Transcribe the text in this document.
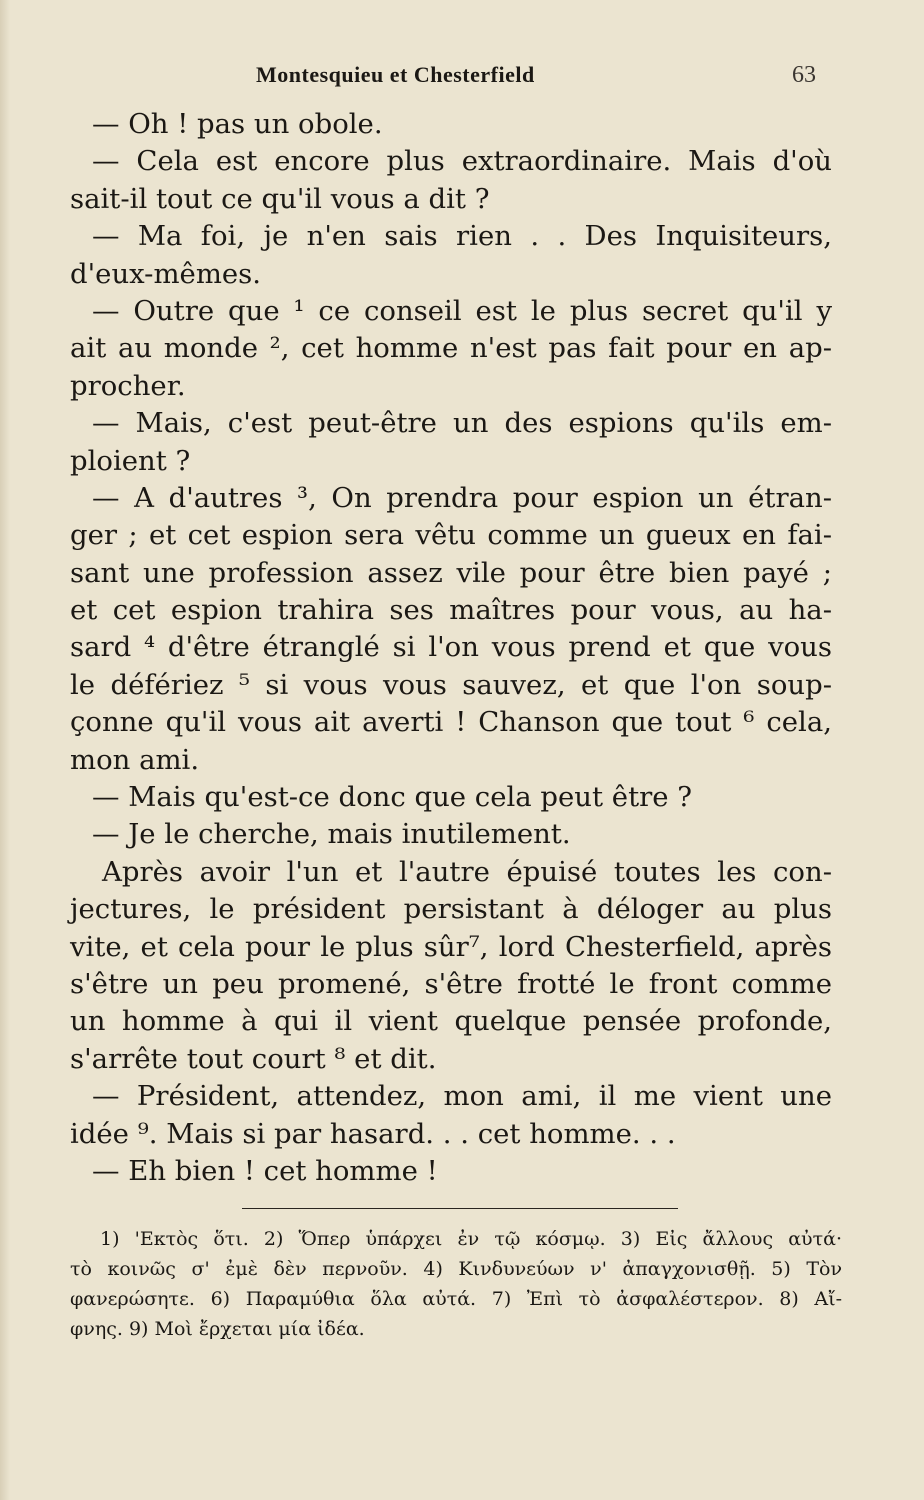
Montesquieu et Chesterfield	63
— Oh ! pas un obole.
— Cela est encore plus extraordinaire. Mais d'où
sait-il tout ce qu'il vous a dit ?
— Ma foi, je n'en sais rien . . Des Inquisiteurs,
d'eux-mêmes.
— Outre que ¹ ce conseil est le plus secret qu'il y
ait au monde ², cet homme n'est pas fait pour en ap-
procher.
— Mais, c'est peut-être un des espions qu'ils em-
ploient ?
— A d'autres ³, On prendra pour espion un étran-
ger ; et cet espion sera vêtu comme un gueux en fai-
sant une profession assez vile pour être bien payé ;
et cet espion trahira ses maîtres pour vous, au ha-
sard ⁴ d'être étranglé si l'on vous prend et que vous
le défériez ⁵ si vous vous sauvez, et que l'on soup-
çonne qu'il vous ait averti ! Chanson que tout ⁶ cela,
mon ami.
— Mais qu'est-ce donc que cela peut être ?
— Je le cherche, mais inutilement.
Après avoir l'un et l'autre épuisé toutes les con-
jectures, le président persistant à déloger au plus
vite, et cela pour le plus sûr⁷, lord Chesterfield, après
s'être un peu promené, s'être frotté le front comme
un homme à qui il vient quelque pensée profonde,
s'arrête tout court ⁸ et dit.
— Président, attendez, mon ami, il me vient une
idée ⁹. Mais si par hasard. . . cet homme. . .
— Eh bien ! cet homme !
1) 'Εκτὸς ὅτι. 2) Ὅπερ ὑπάρχει ἐν τῷ κόσμῳ. 3) Εἰς ἄλλους αὐτά·
τὸ κοινῶς σ' ἐμὲ δὲν περνοῦν. 4) Κινδυνεύων ν' ἀπαγχονισθῇ. 5) Τὸν
φανερώσητε. 6) Παραμύθια ὅλα αὐτά. 7) Ἐπὶ τὸ ἀσφαλέστερον. 8) Αἴ-
φνης. 9) Μοὶ ἔρχεται μία ἰδέα.
